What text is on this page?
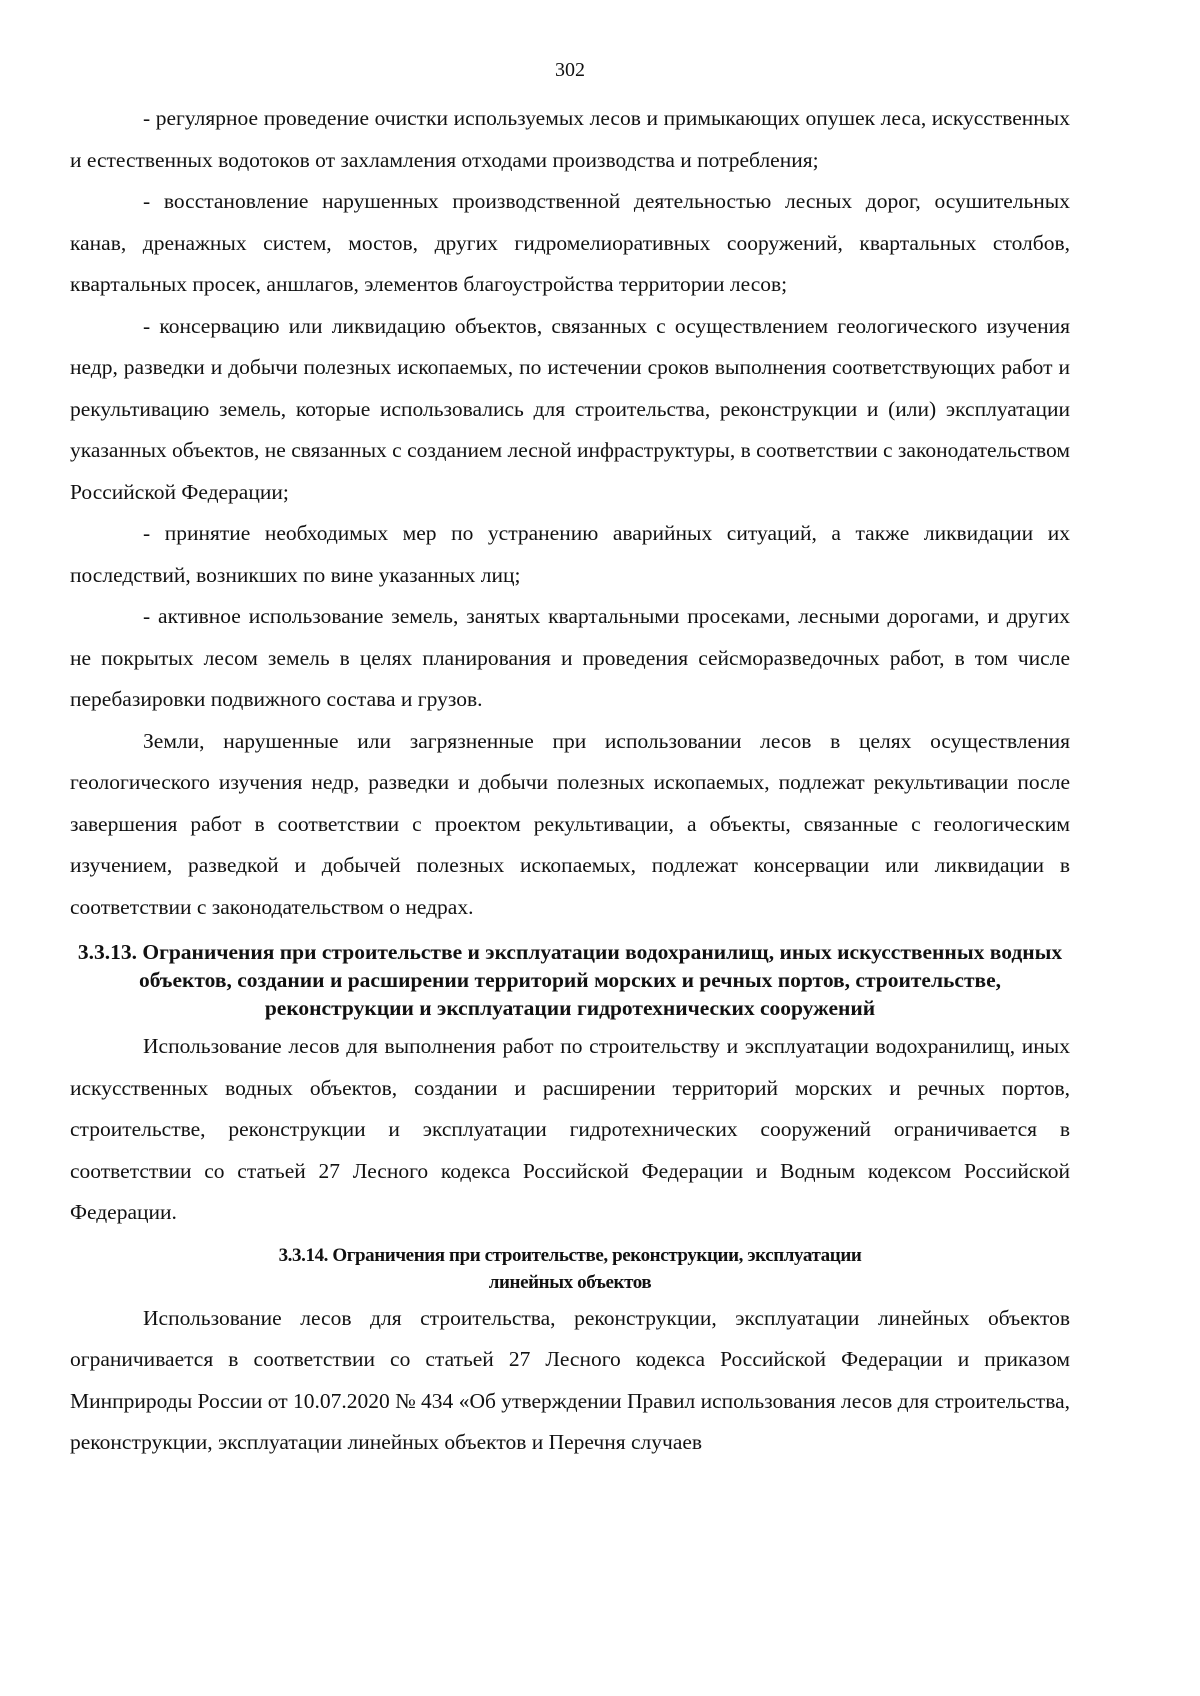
302

- регулярное проведение очистки используемых лесов и примыкающих опушек леса, искусственных и естественных водотоков от захламления отходами производства и потребления;

- восстановление нарушенных производственной деятельностью лесных дорог, осушительных канав, дренажных систем, мостов, других гидромелиоративных сооружений, квартальных столбов, квартальных просек, аншлагов, элементов благоустройства территории лесов;

- консервацию или ликвидацию объектов, связанных с осуществлением геологического изучения недр, разведки и добычи полезных ископаемых, по истечении сроков выполнения соответствующих работ и рекультивацию земель, которые использовались для строительства, реконструкции и (или) эксплуатации указанных объектов, не связанных с созданием лесной инфраструктуры, в соответствии с законодательством Российской Федерации;

- принятие необходимых мер по устранению аварийных ситуаций, а также ликвидации их последствий, возникших по вине указанных лиц;

- активное использование земель, занятых квартальными просеками, лесными дорогами, и других не покрытых лесом земель в целях планирования и проведения сейсморазведочных работ, в том числе перебазировки подвижного состава и грузов.

Земли, нарушенные или загрязненные при использовании лесов в целях осуществления геологического изучения недр, разведки и добычи полезных ископаемых, подлежат рекультивации после завершения работ в соответствии с проектом рекультивации, а объекты, связанные с геологическим изучением, разведкой и добычей полезных ископаемых, подлежат консервации или ликвидации в соответствии с законодательством о недрах.

3.3.13. Ограничения при строительстве и эксплуатации водохранилищ, иных искусственных водных объектов, создании и расширении территорий морских и речных портов, строительстве, реконструкции и эксплуатации гидротехнических сооружений

Использование лесов для выполнения работ по строительству и эксплуатации водохранилищ, иных искусственных водных объектов, создании и расширении территорий морских и речных портов, строительстве, реконструкции и эксплуатации гидротехнических сооружений ограничивается в соответствии со статьей 27 Лесного кодекса Российской Федерации и Водным кодексом Российской Федерации.

3.3.14. Ограничения при строительстве, реконструкции, эксплуатации
линейных объектов

Использование лесов для строительства, реконструкции, эксплуатации линейных объектов ограничивается в соответствии со статьей 27 Лесного кодекса Российской Федерации и приказом Минприроды России от 10.07.2020 № 434 «Об утверждении Правил использования лесов для строительства, реконструкции, эксплуатации линейных объектов и Перечня случаев
